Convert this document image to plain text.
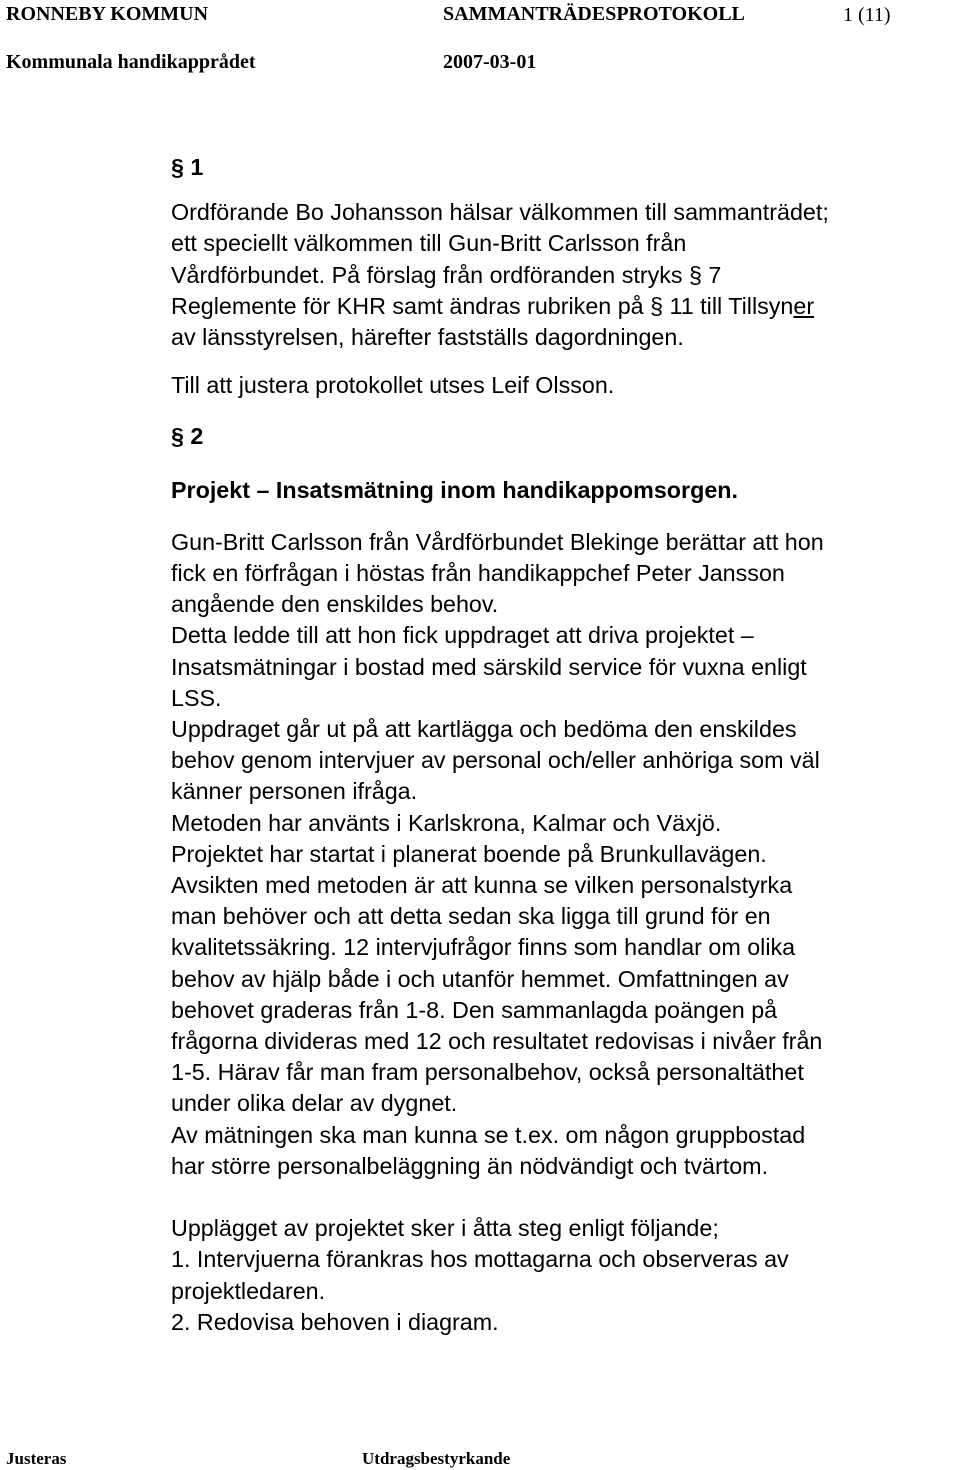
RONNEBY KOMMUN	SAMMANTRÄDESPROTOKOLL	1 (11)
Kommunala handikapprådet	2007-03-01

§ 1

Ordförande Bo Johansson hälsar välkommen till sammanträdet;

ett speciellt välkommen till Gun-Britt Carlsson från

Vårdförbundet. På förslag från ordföranden stryks § 7

Reglemente för KHR samt ändras rubriken på § 11 till Tillsyner

av länsstyrelsen, härefter fastställs dagordningen.

Till att justera protokollet utses Leif Olsson.

§ 2

Projekt – Insatsmätning inom handikappomsorgen.

Gun-Britt Carlsson från Vårdförbundet Blekinge berättar att hon

fick en förfrågan i höstas från handikappchef Peter Jansson

angående den enskildes behov.

Detta ledde till att hon fick uppdraget att driva projektet –

Insatsmätningar i bostad med särskild service för vuxna enligt

LSS.

Uppdraget går ut på att kartlägga och bedöma den enskildes

behov genom intervjuer av personal och/eller anhöriga som väl

känner personen ifråga.

Metoden har använts i Karlskrona, Kalmar och Växjö.

Projektet har startat i planerat boende på Brunkullavägen.

Avsikten med metoden är att kunna se vilken personalstyrka

man behöver och att detta sedan ska ligga till grund för en

kvalitetssäkring. 12 intervjufrågor finns som handlar om olika

behov av hjälp både i och utanför hemmet. Omfattningen av

behovet graderas från 1-8. Den sammanlagda poängen på

frågorna divideras med 12 och resultatet redovisas i nivåer från

1-5. Härav får man fram personalbehov, också personaltäthet

under olika delar av dygnet.

Av mätningen ska man kunna se t.ex. om någon gruppbostad

har större personalbeläggning än nödvändigt och tvärtom.

Upplägget av projektet sker i åtta steg enligt följande;

1. Intervjuerna förankras hos mottagarna och observeras av

projektledaren.

2. Redovisa behoven i diagram.

Justeras	Utdragsbestyrkande
